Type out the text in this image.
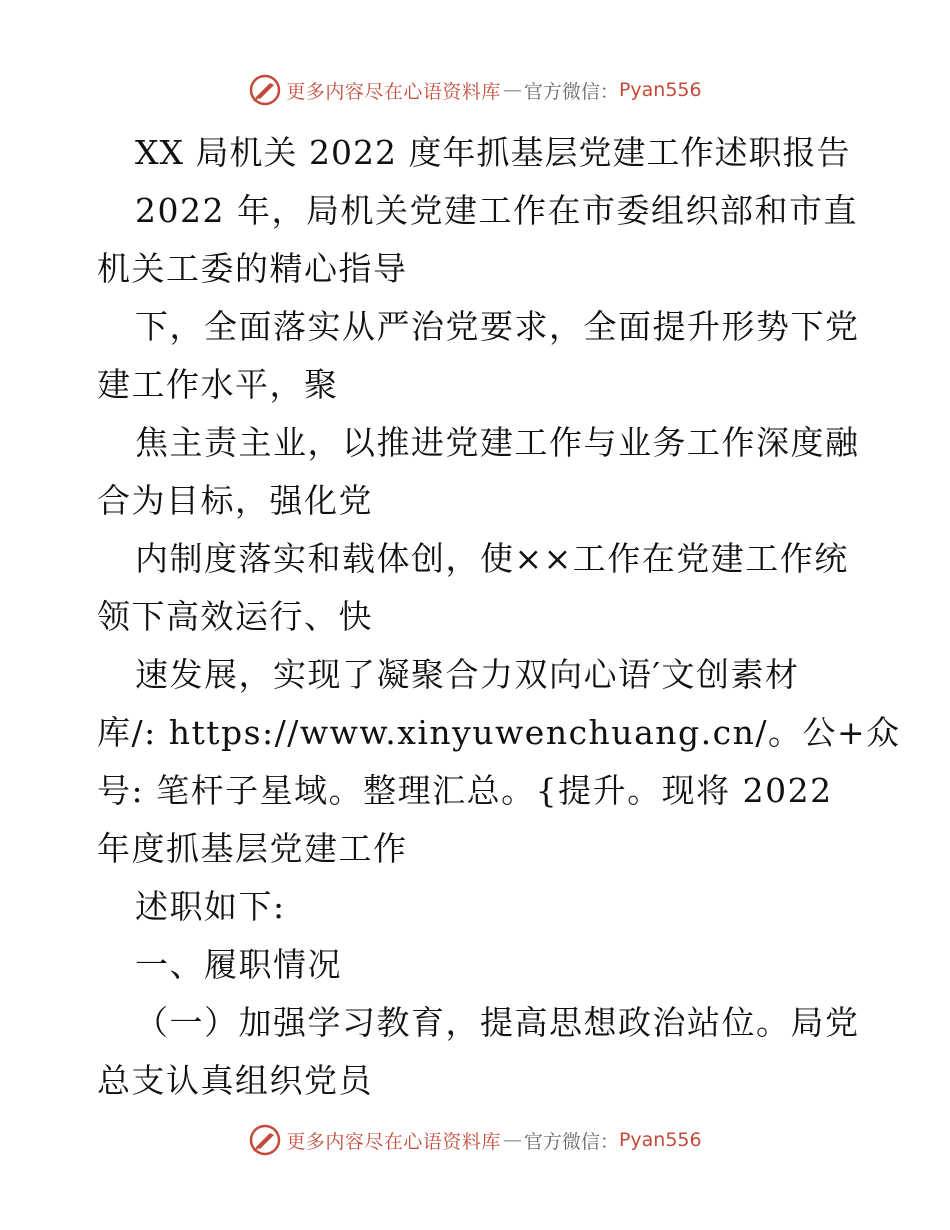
更多内容尽在心语资料库 — 官方微信： Pyan556
XX 局机关 2022 度年抓基层党建工作述职报告
2022 年，局机关党建工作在市委组织部和市直
机关工委的精心指导
下，全面落实从严治党要求，全面提升形势下党
建工作水平，聚
焦主责主业，以推进党建工作与业务工作深度融
合为目标，强化党
内制度落实和载体创，使××工作在党建工作统
领下高效运行、快
速发展，实现了凝聚合力双向心语′文创素材
库/: https://www.xinyuwenchuang.cn/。公+众
号: 笔杆子星域。整理汇总。{提升。现将 2022
年度抓基层党建工作
述职如下:
一、履职情况
（一）加强学习教育，提高思想政治站位。局党
总支认真组织党员
更多内容尽在心语资料库 — 官方微信： Pyan556
